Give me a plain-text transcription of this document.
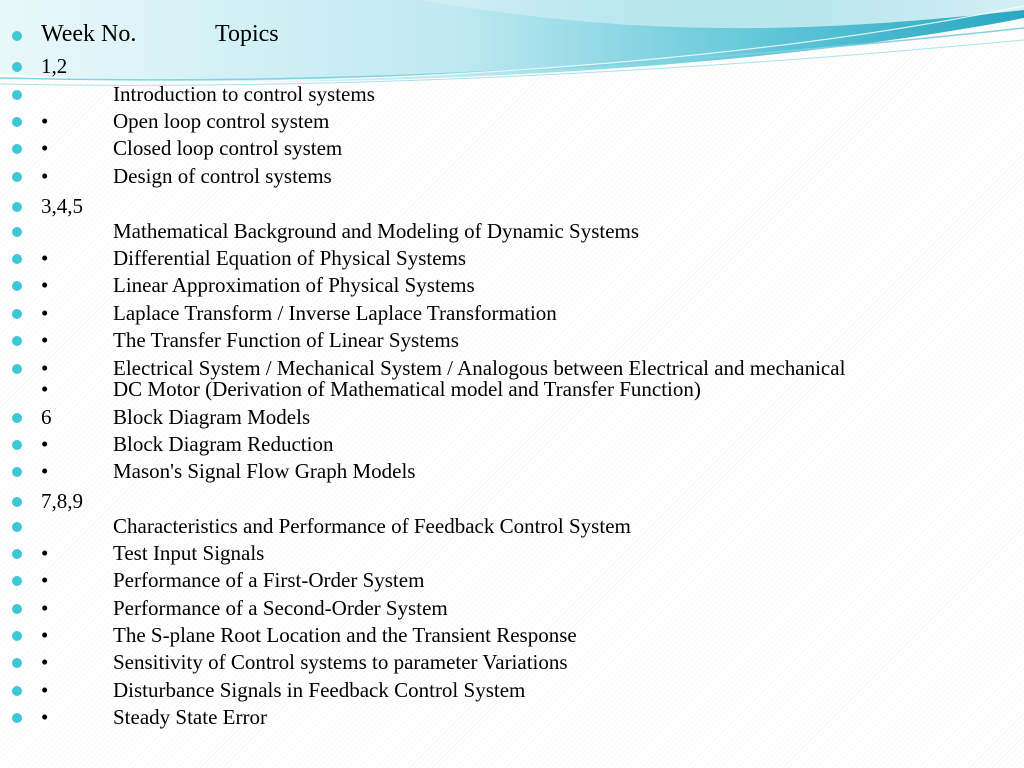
Week No.	Topics
1,2
Introduction to control systems
•	Open loop control system
•	Closed loop control system
•	Design of control systems
3,4,5
Mathematical Background and Modeling of Dynamic Systems
•	Differential Equation of Physical Systems
•	Linear Approximation of Physical Systems
•	Laplace Transform / Inverse Laplace Transformation
•	The Transfer Function of Linear Systems
•	Electrical System / Mechanical System / Analogous between Electrical and mechanical
•	DC Motor (Derivation of Mathematical model and Transfer Function)
6	Block Diagram Models
•	Block Diagram Reduction
•	Mason's Signal Flow Graph Models
7,8,9
Characteristics and Performance of Feedback Control System
•	Test Input Signals
•	Performance of a First-Order System
•	Performance of a Second-Order System
•	The S-plane Root Location and the Transient Response
•	Sensitivity of Control systems to parameter Variations
•	Disturbance Signals in Feedback Control System
•	Steady State Error
